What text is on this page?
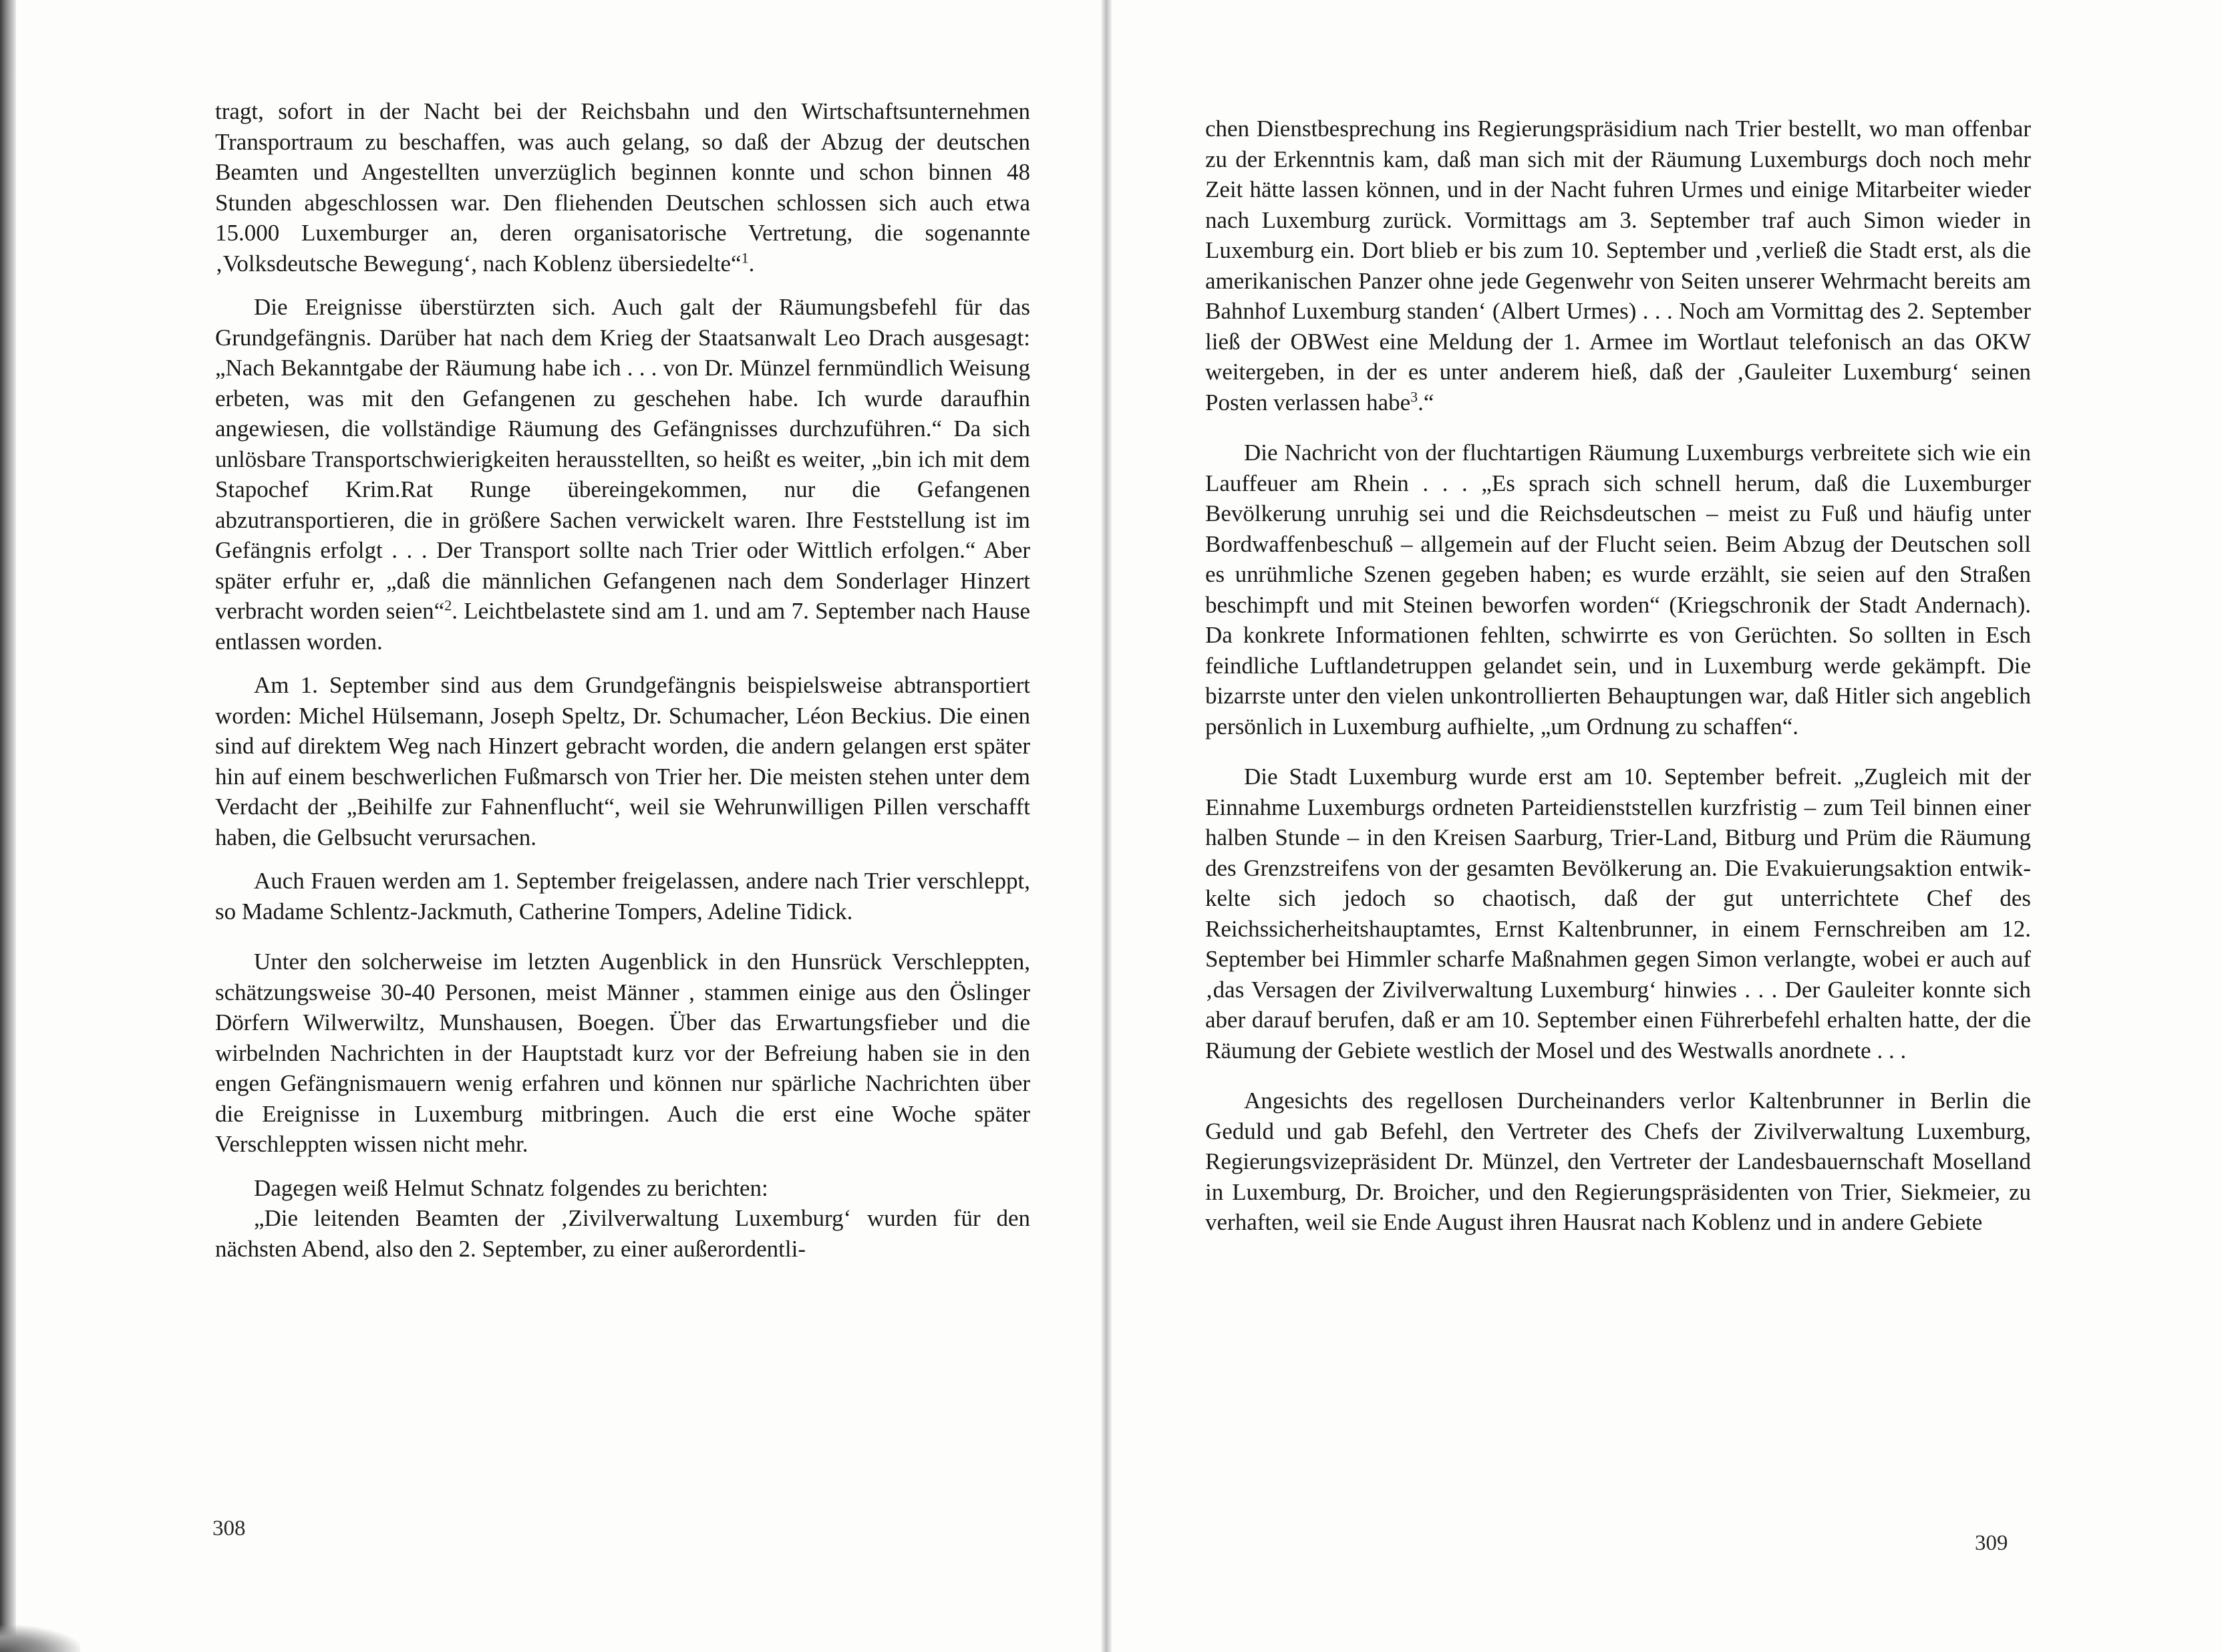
tragt, sofort in der Nacht bei der Reichsbahn und den Wirtschaftsunternehmen Transportraum zu beschaffen, was auch gelang, so daß der Abzug der deutschen Beamten und Angestellten unverzüglich beginnen konnte und schon binnen 48 Stunden abgeschlossen war. Den fliehenden Deutschen schlossen sich auch etwa 15.000 Luxemburger an, deren organisatorische Vertretung, die sogenannte ‚Volksdeutsche Bewegung‘, nach Koblenz übersiedelte“$^1$.

Die Ereignisse überstürzten sich. Auch galt der Räumungsbefehl für das Grundgefängnis. Darüber hat nach dem Krieg der Staatsanwalt Leo Drach ausgesagt: „Nach Bekanntgabe der Räumung habe ich . . . von Dr. Münzel fernmündlich Weisung erbeten, was mit den Gefangenen zu geschehen habe. Ich wurde daraufhin angewiesen, die vollständige Räumung des Gefängnisses durchzuführen.“ Da sich unlösbare Transportschwierigkeiten herausstellten, so heißt es weiter, „bin ich mit dem Stapochef Krim.Rat Runge übereingekommen, nur die Gefangenen abzutransportieren, die in größere Sachen verwickelt waren. Ihre Feststellung ist im Gefängnis erfolgt . . . Der Transport sollte nach Trier oder Wittlich erfolgen.“ Aber später erfuhr er, „daß die männlichen Gefangenen nach dem Sonderlager Hinzert verbracht worden seien“$^2$. Leichtbelastete sind am 1. und am 7. September nach Hause entlassen worden.

Am 1. September sind aus dem Grundgefängnis beispielsweise abtransportiert worden: Michel Hülsemann, Joseph Speltz, Dr. Schumacher, Léon Beckius. Die einen sind auf direktem Weg nach Hinzert gebracht worden, die andern gelangen erst später hin auf einem beschwerlichen Fußmarsch von Trier her. Die meisten stehen unter dem Verdacht der „Beihilfe zur Fahnenflucht“, weil sie Wehrunwilligen Pillen verschafft haben, die Gelbsucht verursachen.

Auch Frauen werden am 1. September freigelassen, andere nach Trier verschleppt, so Madame Schlentz-Jackmuth, Catherine Tompers, Adeline Tidick.

Unter den solcherweise im letzten Augenblick in den Hunsrück Verschleppten, schätzungsweise 30-40 Personen, meist Männer , stammen einige aus den Öslinger Dörfern Wilwerwiltz, Munshausen, Boegen. Über das Erwartungsfieber und die wirbelnden Nachrichten in der Hauptstadt kurz vor der Befreiung haben sie in den engen Gefängnismauern wenig erfahren und können nur spärliche Nachrichten über die Ereignisse in Luxemburg mitbringen. Auch die erst eine Woche später Verschleppten wissen nicht mehr.

Dagegen weiß Helmut Schnatz folgendes zu berichten:

„Die leitenden Beamten der ‚Zivilverwaltung Luxemburg‘ wurden für den nächsten Abend, also den 2. September, zu einer außerordentli-

308

chen Dienstbesprechung ins Regierungspräsidium nach Trier bestellt, wo man offenbar zu der Erkenntnis kam, daß man sich mit der Räumung Luxemburgs doch noch mehr Zeit hätte lassen können, und in der Nacht fuhren Urmes und einige Mitarbeiter wieder nach Luxemburg zurück. Vormittags am 3. September traf auch Simon wieder in Luxemburg ein. Dort blieb er bis zum 10. September und ‚verließ die Stadt erst, als die amerikanischen Panzer ohne jede Gegenwehr von Seiten unserer Wehrmacht bereits am Bahnhof Luxemburg standen‘ (Albert Urmes) . . . Noch am Vormittag des 2. September ließ der OBWest eine Meldung der 1. Armee im Wortlaut telefonisch an das OKW weitergeben, in der es unter anderem hieß, daß der ‚Gauleiter Luxemburg‘ seinen Posten verlassen habe$^3$.“

Die Nachricht von der fluchtartigen Räumung Luxemburgs verbreitete sich wie ein Lauffeuer am Rhein . . . „Es sprach sich schnell herum, daß die Luxemburger Bevölkerung unruhig sei und die Reichsdeutschen – meist zu Fuß und häufig unter Bordwaffenbeschuß – allgemein auf der Flucht seien. Beim Abzug der Deutschen soll es unrühmliche Szenen gegeben haben; es wurde erzählt, sie seien auf den Straßen beschimpft und mit Steinen beworfen worden“ (Kriegschronik der Stadt Andernach). Da konkrete Informationen fehlten, schwirrte es von Gerüchten. So sollten in Esch feindliche Luftlandetruppen gelandet sein, und in Luxemburg werde gekämpft. Die bizarrste unter den vielen unkontrollierten Behauptungen war, daß Hitler sich angeblich persönlich in Luxemburg aufhielte, „um Ordnung zu schaffen“.

Die Stadt Luxemburg wurde erst am 10. September befreit. „Zugleich mit der Einnahme Luxemburgs ordneten Parteidienststellen kurzfristig – zum Teil binnen einer halben Stunde – in den Kreisen Saarburg, Trier-Land, Bitburg und Prüm die Räumung des Grenzstreifens von der gesamten Bevölkerung an. Die Evakuierungsaktion entwikkelte sich jedoch so chaotisch, daß der gut unterrichtete Chef des Reichssicherheitshauptamtes, Ernst Kaltenbrunner, in einem Fernschreiben am 12. September bei Himmler scharfe Maßnahmen gegen Simon verlangte, wobei er auch auf ‚das Versagen der Zivilverwaltung Luxemburg‘ hinwies . . . Der Gauleiter konnte sich aber darauf berufen, daß er am 10. September einen Führerbefehl erhalten hatte, der die Räumung der Gebiete westlich der Mosel und des Westwalls anordnete . . .

Angesichts des regellosen Durcheinanders verlor Kaltenbrunner in Berlin die Geduld und gab Befehl, den Vertreter des Chefs der Zivilverwaltung Luxemburg, Regierungsvizepräsident Dr. Münzel, den Vertreter der Landesbauernschaft Moselland in Luxemburg, Dr. Broicher, und den Regierungspräsidenten von Trier, Siekmeier, zu verhaften, weil sie Ende August ihren Hausrat nach Koblenz und in andere Gebiete

309
